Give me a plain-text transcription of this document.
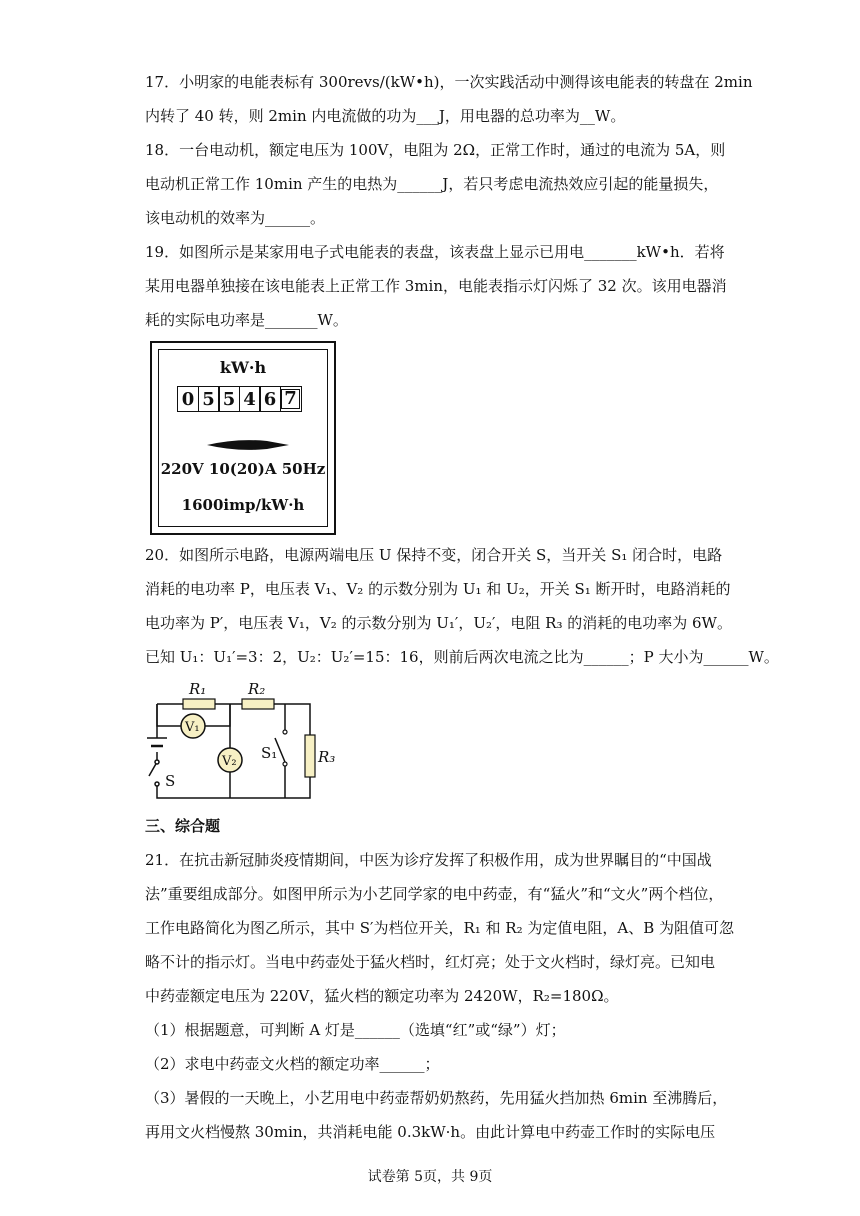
17．小明家的电能表标有 300revs/(kW•h)，一次实践活动中测得该电能表的转盘在 2min
内转了 40 转，则 2min 内电流做的功为___J，用电器的总功率为__W。
18．一台电动机，额定电压为 100V，电阻为 2Ω，正常工作时，通过的电流为 5A，则
电动机正常工作 10min 产生的电热为______J，若只考虑电流热效应引起的能量损失，
该电动机的效率为______。
19．如图所示是某家用电子式电能表的表盘，该表盘上显示已用电_______kW•h．若将
某用电器单独接在该电能表上正常工作 3min，电能表指示灯闪烁了 32 次。该用电器消
耗的实际电功率是_______W。
kW·h
0 5 5 4 6 7
220V 10(20)A 50Hz
1600imp/kW·h
20．如图所示电路，电源两端电压 U 保持不变，闭合开关 S，当开关 S₁ 闭合时，电路
消耗的电功率 P，电压表 V₁、V₂ 的示数分别为 U₁ 和 U₂，开关 S₁ 断开时，电路消耗的
电功率为 P′，电压表 V₁，V₂ 的示数分别为 U₁′，U₂′，电阻 R₃ 的消耗的电功率为 6W。
已知 U₁：U₁′=3：2，U₂：U₂′=15：16，则前后两次电流之比为______；P 大小为______W。
R₁	R₂
R₃
V₁
V₂
S
S₁
三、综合题
21．在抗击新冠肺炎疫情期间，中医为诊疗发挥了积极作用，成为世界瞩目的“中国战
法”重要组成部分。如图甲所示为小艺同学家的电中药壶，有“猛火”和“文火”两个档位，
工作电路简化为图乙所示，其中 S′为档位开关，R₁ 和 R₂ 为定值电阻，A、B 为阻值可忽
略不计的指示灯。当电中药壶处于猛火档时，红灯亮；处于文火档时，绿灯亮。已知电
中药壶额定电压为 220V，猛火档的额定功率为 2420W，R₂=180Ω。
（1）根据题意，可判断 A 灯是______（选填“红”或“绿”）灯；
（2）求电中药壶文火档的额定功率______；
（3）暑假的一天晚上，小艺用电中药壶帮奶奶熬药，先用猛火挡加热 6min 至沸腾后，
再用文火档慢熬 30min，共消耗电能 0.3kW·h。由此计算电中药壶工作时的实际电压
试卷第 5页，共 9页
